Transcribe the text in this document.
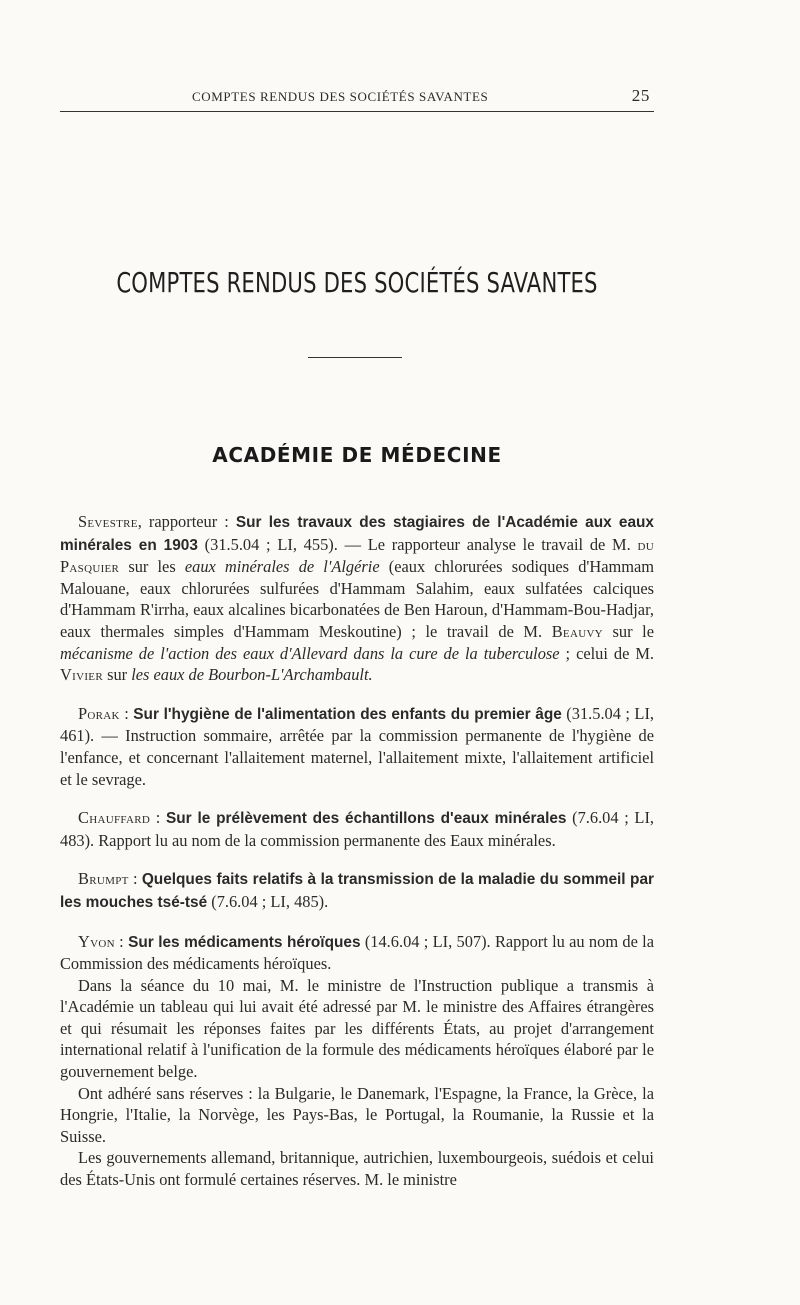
COMPTES RENDUS DES SOCIÉTÉS SAVANTES	25
COMPTES RENDUS DES SOCIÉTÉS SAVANTES
ACADÉMIE DE MÉDECINE

Sevestre, rapporteur : Sur les travaux des stagiaires de l'Académie aux eaux minérales en 1903 (31.5.04 ; LI, 455). — Le rapporteur analyse le travail de M. du Pasquier sur les eaux minérales de l'Algérie (eaux chlorurées sodiques d'Hammam Malouane, eaux chlorurées sulfurées d'Hammam Salahim, eaux sulfatées calciques d'Hammam R'irrha, eaux alcalines bicarbonatées de Ben Haroun, d'Hammam-Bou-Hadjar, eaux thermales simples d'Hammam Meskoutine) ; le travail de M. Beauvy sur le mécanisme de l'action des eaux d'Allevard dans la cure de la tuberculose ; celui de M. Vivier sur les eaux de Bourbon-L'Archambault.

Porak : Sur l'hygiène de l'alimentation des enfants du premier âge (31.5.04 ; LI, 461). — Instruction sommaire, arrêtée par la commission permanente de l'hygiène de l'enfance, et concernant l'allaitement maternel, l'allaitement mixte, l'allaitement artificiel et le sevrage.

Chauffard : Sur le prélèvement des échantillons d'eaux minérales (7.6.04 ; LI, 483). Rapport lu au nom de la commission permanente des Eaux minérales.

Brumpt : Quelques faits relatifs à la transmission de la maladie du sommeil par les mouches tsé-tsé (7.6.04 ; LI, 485).

Yvon : Sur les médicaments héroïques (14.6.04 ; LI, 507). Rapport lu au nom de la Commission des médicaments héroïques.

Dans la séance du 10 mai, M. le ministre de l'Instruction publique a transmis à l'Académie un tableau qui lui avait été adressé par M. le ministre des Affaires étrangères et qui résumait les réponses faites par les différents États, au projet d'arrangement international relatif à l'unification de la formule des médicaments héroïques élaboré par le gouvernement belge.

Ont adhéré sans réserves : la Bulgarie, le Danemark, l'Espagne, la France, la Grèce, la Hongrie, l'Italie, la Norvège, les Pays-Bas, le Portugal, la Roumanie, la Russie et la Suisse.

Les gouvernements allemand, britannique, autrichien, luxembourgeois, suédois et celui des États-Unis ont formulé certaines réserves. M. le ministre
